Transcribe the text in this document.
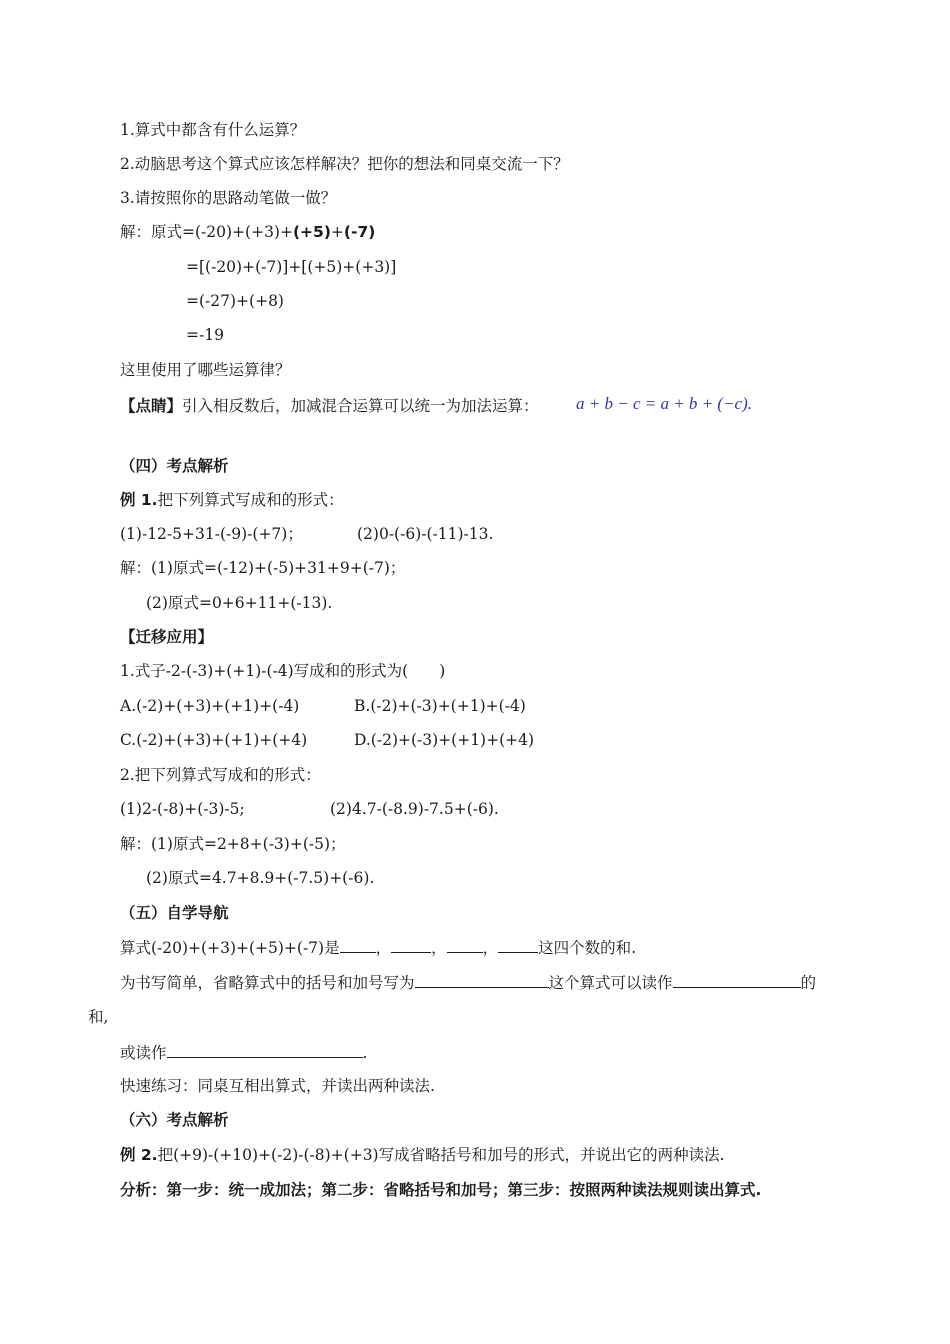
1.算式中都含有什么运算？
2.动脑思考这个算式应该怎样解决？把你的想法和同桌交流一下？
3.请按照你的思路动笔做一做？
解：原式=(-20)+(+3)+(+5)+(-7)
=[(-20)+(-7)]+[(+5)+(+3)]
=(-27)+(+8)
=-19
这里使用了哪些运算律？
【点睛】引入相反数后，加减混合运算可以统一为加法运算： a + b − c = a + b + (−c).
（四）考点解析
例 1.把下列算式写成和的形式：
(1)-12-5+31-(-9)-(+7)；	(2)0-(-6)-(-11)-13.
解：(1)原式=(-12)+(-5)+31+9+(-7)；
(2)原式=0+6+11+(-13).
【迁移应用】
1.式子-2-(-3)+(+1)-(-4)写成和的形式为(　　)
A.(-2)+(+3)+(+1)+(-4)	B.(-2)+(-3)+(+1)+(-4)
C.(-2)+(+3)+(+1)+(+4)	D.(-2)+(-3)+(+1)+(+4)
2.把下列算式写成和的形式：
(1)2-(-8)+(-3)-5;	(2)4.7-(-8.9)-7.5+(-6).
解：(1)原式=2+8+(-3)+(-5)；
(2)原式=4.7+8.9+(-7.5)+(-6).
（五）自学导航
算式(-20)+(+3)+(+5)+(-7)是 ，	， ，	这四个数的和.
为书写简单，省略算式中的括号和加号写为	这个算式可以读作	的
和,
或读作	.
快速练习：同桌互相出算式，并读出两种读法.
（六）考点解析
例 2.把(+9)-(+10)+(-2)-(-8)+(+3)写成省略括号和加号的形式，并说出它的两种读法.
分析：第一步：统一成加法；第二步：省略括号和加号；第三步：按照两种读法规则读出算式.
